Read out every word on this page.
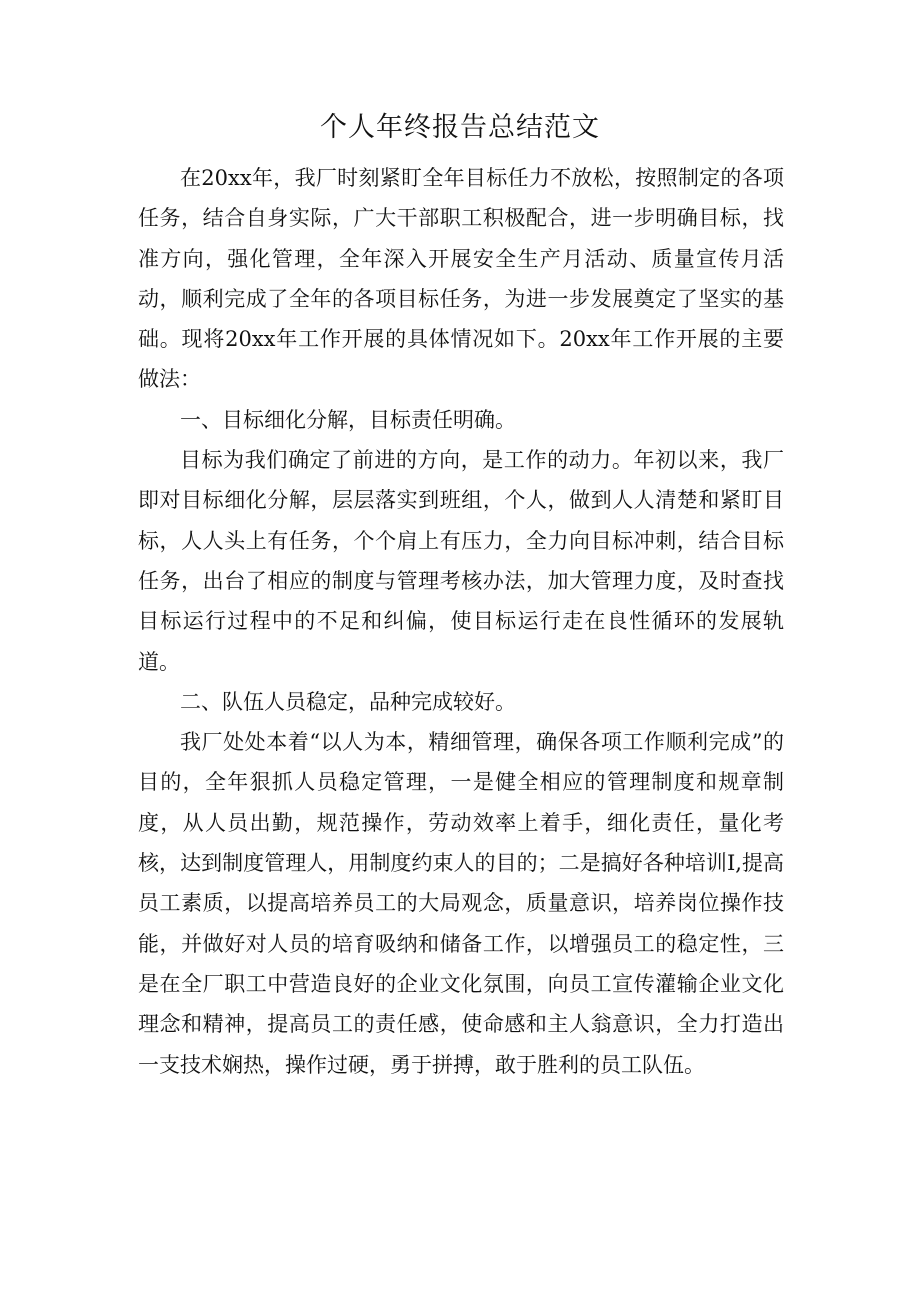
个人年终报告总结范文

在20xx年，我厂时刻紧盯全年目标任力不放松，按照制定的各项任务，结合自身实际，广大干部职工积极配合，进一步明确目标，找准方向，强化管理，全年深入开展安全生产月活动、质量宣传月活动，顺利完成了全年的各项目标任务，为进一步发展奠定了坚实的基础。现将20xx年工作开展的具体情况如下。20xx年工作开展的主要做法：

一、目标细化分解，目标责任明确。

目标为我们确定了前进的方向，是工作的动力。年初以来，我厂即对目标细化分解，层层落实到班组，个人，做到人人清楚和紧盯目标，人人头上有任务，个个肩上有压力，全力向目标冲刺，结合目标任务，出台了相应的制度与管理考核办法，加大管理力度，及时查找目标运行过程中的不足和纠偏，使目标运行走在良性循环的发展轨道。

二、队伍人员稳定，品种完成较好。

我厂处处本着“以人为本，精细管理，确保各项工作顺利完成”的目的，全年狠抓人员稳定管理，一是健全相应的管理制度和规章制度，从人员出勤，规范操作，劳动效率上着手，细化责任，量化考核，达到制度管理人，用制度约束人的目的；二是搞好各种培训I,提高员工素质，以提高培养员工的大局观念，质量意识，培养岗位操作技能，并做好对人员的培育吸纳和储备工作，以增强员工的稳定性，三是在全厂职工中营造良好的企业文化氛围，向员工宣传灌输企业文化理念和精神，提高员工的责任感，使命感和主人翁意识，全力打造出一支技术娴热，操作过硬，勇于拼搏，敢于胜利的员工队伍。
